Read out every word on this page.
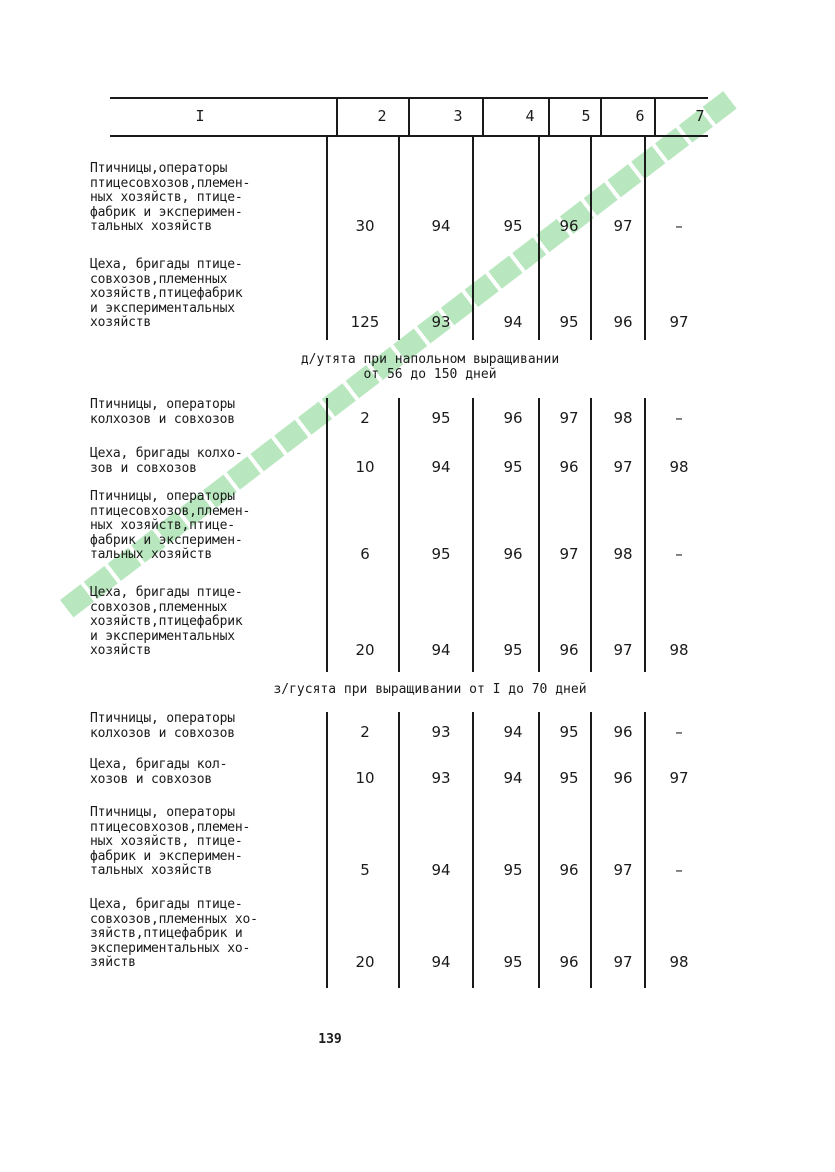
I	2	3	4	5	6	7
Птичницы,операторы
птицесовхозов,племен-
ных хозяйств, птице-
фабрик и эксперимен-
тальных хозяйств	30	94	95	96	97	–
Цеха, бригады птице-
совхозов,племенных
хозяйств,птицефабрик
и экспериментальных
хозяйств	125	93	94	95	96	97
д/утята при напольном выращивании
от 56 до 150 дней
Птичницы, операторы
колхозов и совхозов	2	95	96	97	98	–
Цеха, бригады колхо-
зов и совхозов	10	94	95	96	97	98
Птичницы, операторы
птицесовхозов,племен-
ных хозяйств,птице-
фабрик и эксперимен-
тальных хозяйств	6	95	96	97	98	–
Цеха, бригады птице-
совхозов,племенных
хозяйств,птицефабрик
и экспериментальных
хозяйств	20	94	95	96	97	98
з/гусята при выращивании от I до 70 дней
Птичницы, операторы
колхозов и совхозов	2	93	94	95	96	–
Цеха, бригады кол-
хозов и совхозов	10	93	94	95	96	97
Птичницы, операторы
птицесовхозов,племен-
ных хозяйств, птице-
фабрик и эксперимен-
тальных хозяйств	5	94	95	96	97	–
Цеха, бригады птице-
совхозов,племенных хо-
зяйств,птицефабрик и
экспериментальных хо-
зяйств	20	94	95	96	97	98
139
